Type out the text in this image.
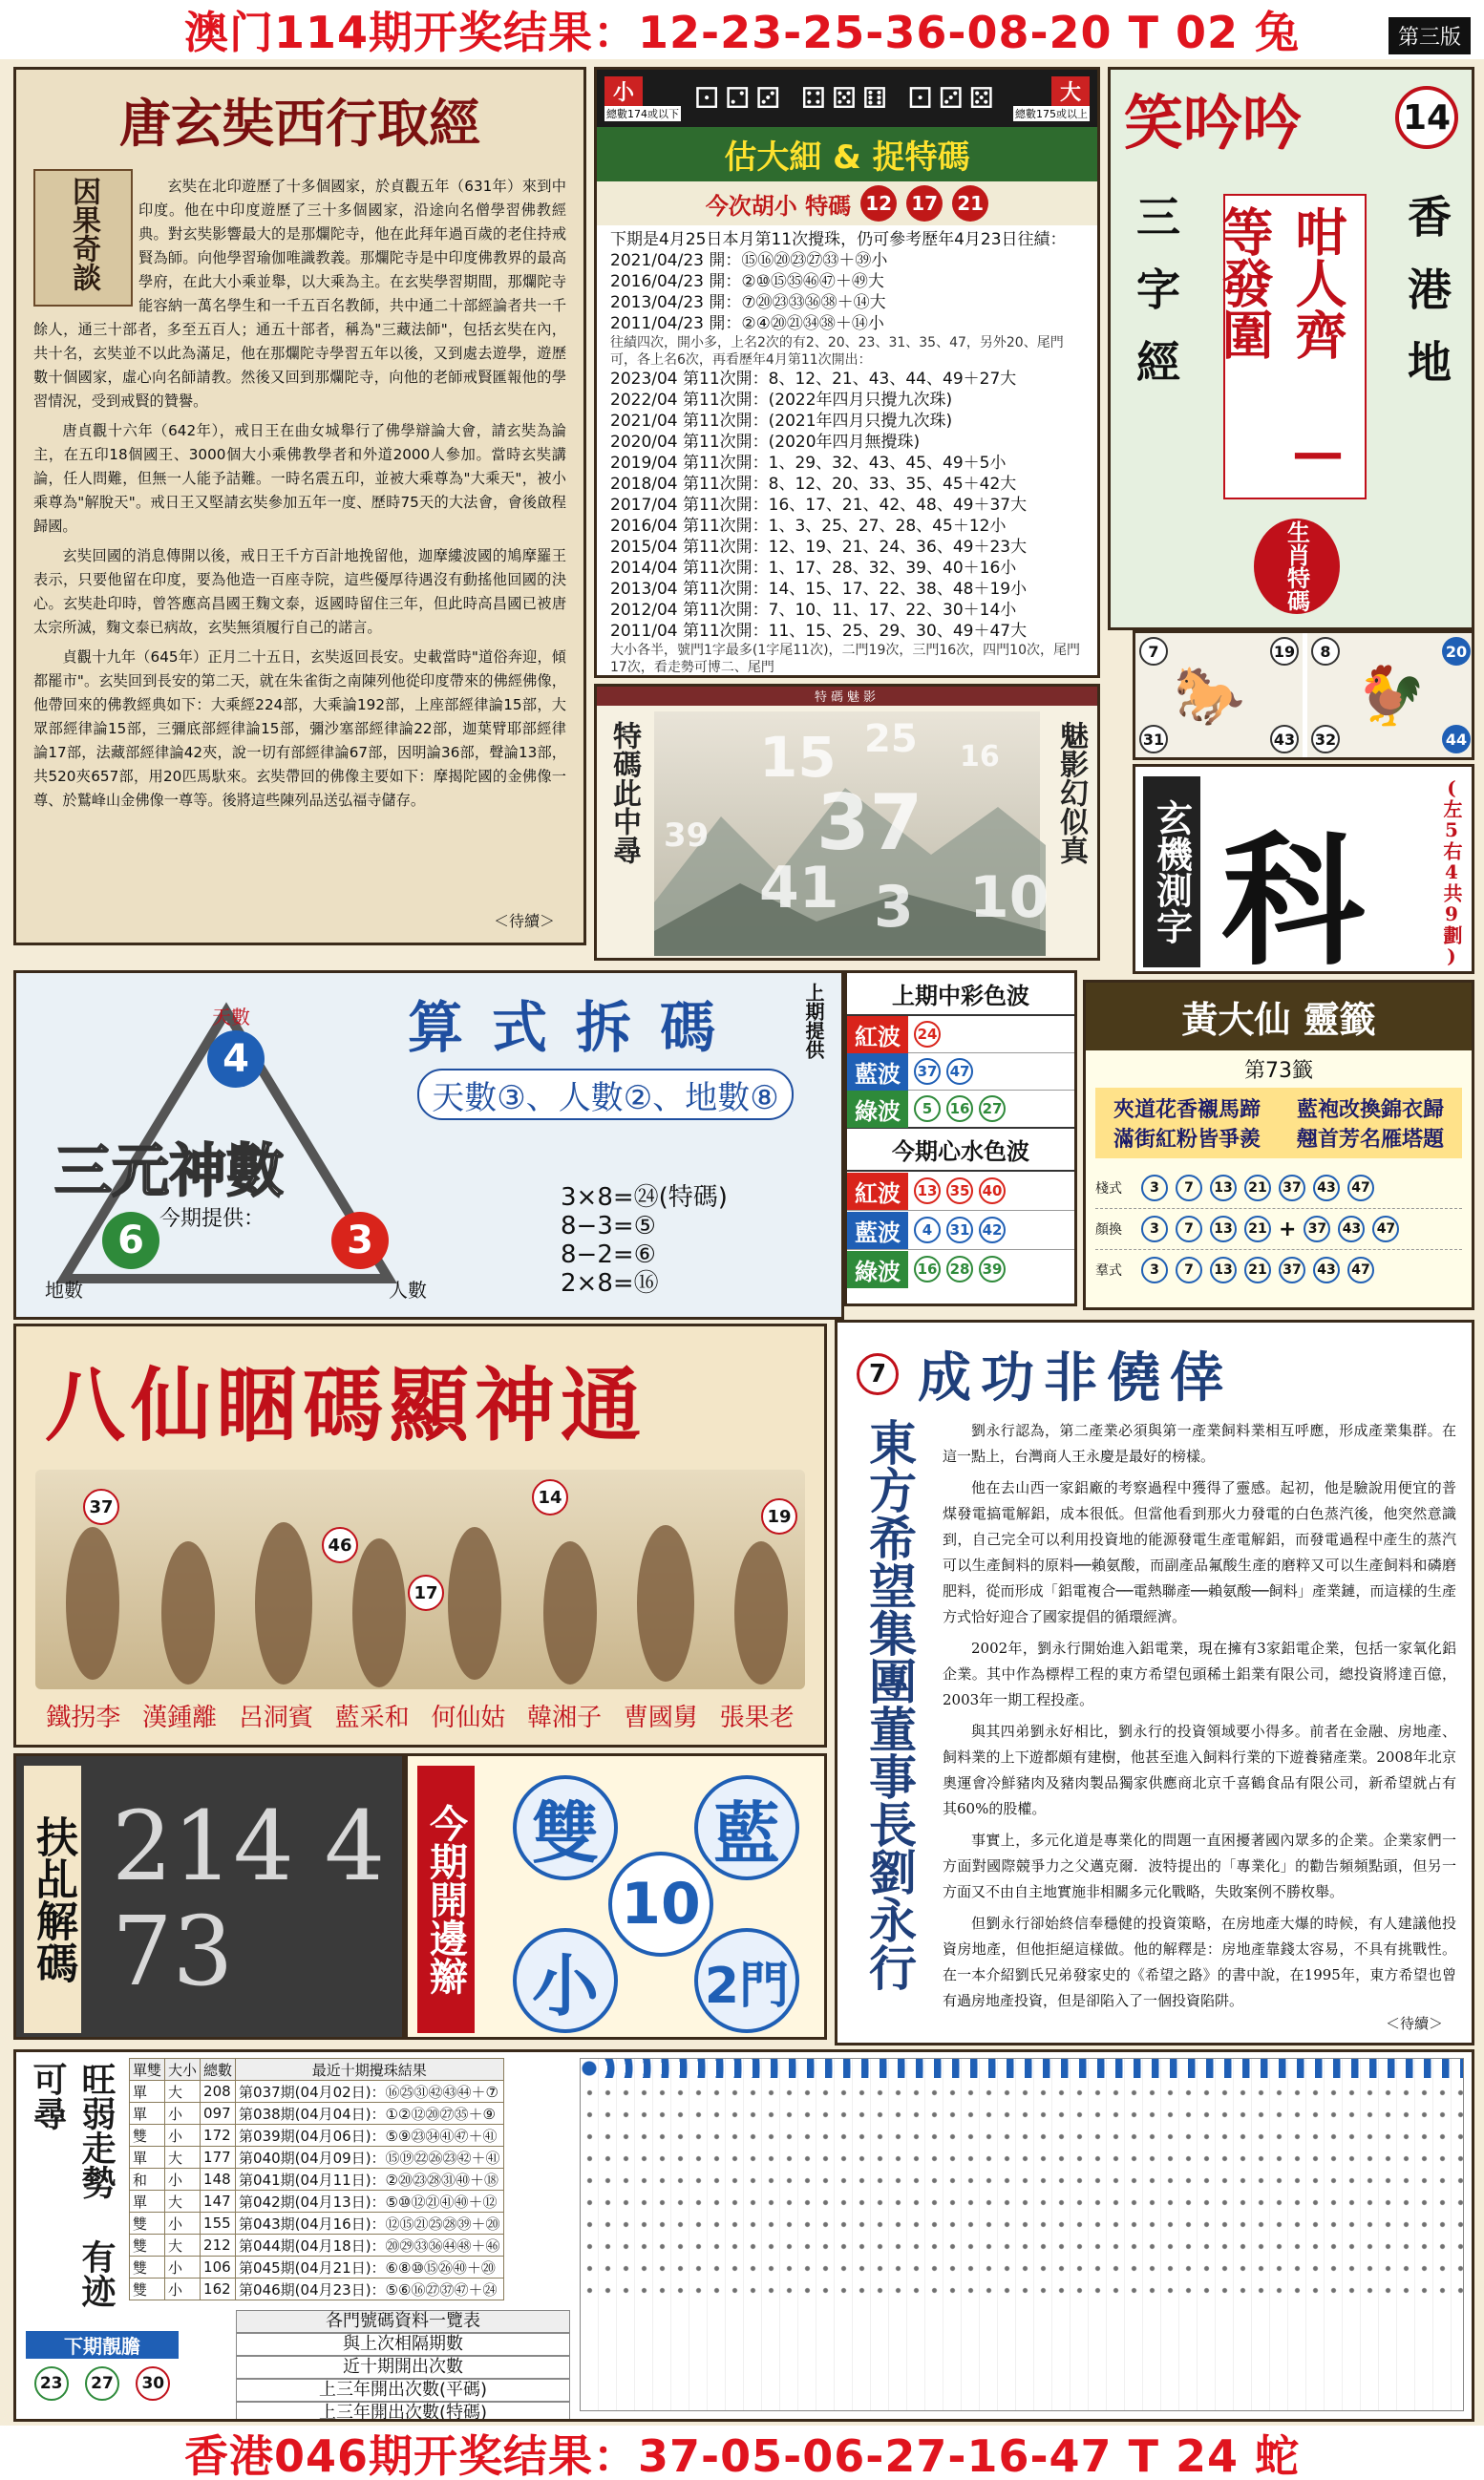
澳门114期开奖结果：12-23-25-36-08-20 T 02 兔	第三版
唐玄奘西行取經
因果奇談	玄奘在北印遊歷了十多個國家，於貞觀五年（631年）來到中印度。他在中印度遊歷了三十多個國家，沿途向名僧學習佛教經典。對玄奘影響最大的是那爛陀寺，他在此拜年過百歲的老住持戒賢為師。向他學習瑜伽唯識教義。那爛陀寺是中印度佛教界的最高學府，在此大小乘並舉，以大乘為主。在玄奘學習期間，那爛陀寺能容納一萬名學生和一千五百名教師，共中通二十部經論者共一千餘人，通三十部者，多至五百人；通五十部者，稱為"三藏法師"，包括玄奘在內，共十名，玄奘並不以此為滿足，他在那爛陀寺學習五年以後，又到處去遊學，遊歷數十個國家，虛心向名師請教。然後又回到那爛陀寺，向他的老師戒賢匯報他的學習情況，受到戒賢的贊譽。

唐貞觀十六年（642年），戒日王在曲女城舉行了佛學辯論大會，請玄奘為論主，在五印18個國王、3000個大小乘佛教學者和外道2000人參加。當時玄奘講論，任人問難，但無一人能予詰難。一時名震五印，並被大乘尊為"大乘天"，被小乘尊為"解脫天"。戒日王又堅請玄奘參加五年一度、歷時75天的大法會，會後啟程歸國。

玄奘回國的消息傳開以後，戒日王千方百計地挽留他，迦摩縷波國的鳩摩羅王表示，只要他留在印度，要為他造一百座寺院，這些優厚待遇沒有動搖他回國的決心。玄奘赴印時，曾答應高昌國王麴文泰，返國時留住三年，但此時高昌國已被唐太宗所滅，麴文泰已病故，玄奘無須履行自己的諾言。

貞觀十九年（645年）正月二十五日，玄奘返回長安。史載當時"道俗奔迎，傾都罷市"。玄奘回到長安的第二天，就在朱雀街之南陳列他從印度帶來的佛經佛像，他帶回來的佛教經典如下：大乘經224部，大乘論192部，上座部經律論15部，大眾部經律論15部，三彌底部經律論15部，彌沙塞部經律論22部，迦葉臂耶部經律論17部，法藏部經律論42夾，說一切有部經律論67部，因明論36部，聲論13部，共520夾657部，用20匹馬馱來。玄奘帶回的佛像主要如下：摩揭陀國的金佛像一尊、於鷲峰山金佛像一尊等。後將這些陳列品送弘福寺儲存。

＜待續＞
小
總數174或以下 ⚀⚁⚂ ⚃⚄⚅ ⚀⚂⚄	大
總數175或以上
估大細 & 捉特碼
今次胡小 特碼 12 17 21
下期是4月25日本月第11次攪珠，仍可參考歷年4月23日往績：
2021/04/23 開：⑮⑯⑳㉓㉗㉝＋㊴小
2016/04/23 開：②⑩⑮㉟㊻㊼＋㊾大
2013/04/23 開：⑦⑳㉓㉝㊱㊳＋⑭大
2011/04/23 開：②④⑳㉑㉞㊳＋⑭小
往績四次，開小多，上名2次的有2、20、23、31、35、47，另外20、尾門可，各上名6次，再看歷年4月第11次開出：
2023/04 第11次開：8、12、21、43、44、49＋27大
2022/04 第11次開：(2022年四月只攪九次珠)
2021/04 第11次開：(2021年四月只攪九次珠)
2020/04 第11次開：(2020年四月無攪珠)
2019/04 第11次開：1、29、32、43、45、49＋5小
2018/04 第11次開：8、12、20、33、35、45＋42大
2017/04 第11次開：16、17、21、42、48、49＋37大
2016/04 第11次開：1、3、25、27、28、45＋12小
2015/04 第11次開：12、19、21、24、36、49＋23大
2014/04 第11次開：1、17、28、32、39、40＋16小
2013/04 第11次開：14、15、17、22、38、48＋19小
2012/04 第11次開：7、10、11、17、22、30＋14小
2011/04 第11次開：11、15、25、29、30、49＋47大
大小各半，號門1字最多(1字尾11次)，二門19次，三門16次，四門10次，尾門17次，看走勢可博二、尾門
特碼魅影
特碼此中尋	魅影幻似真
15 25 16
37
39
41 3 10
笑吟吟	14
三字經	香港地
咁人齊 — 等發圍
生肖特碼
🐎
7	19
31	43
🐓
8	20
32	44
玄機測字 科	(左5右4共9劃)
算式拆碼	上期提供
天數③、人數②、地數⑧
天數
4
三元神數
今期提供：
6
地數
3
人數
3×8=㉔(特碼)
8−3=⑤
8−2=⑥
2×8=⑯
上期中彩色波
紅波	24
藍波	37 47
綠波	5	16 27
今期心水色波
紅波	13 35 40
藍波	4	31 42
綠波	16 28 39
黃大仙 靈籤
第73籤
夾道花香襯馬蹄	藍袍改換錦衣歸
滿街紅粉皆爭羨	翹首芳名雁塔題
棧式	3	7	13	21	37	43	47
顏換	3	7	13	21 + 37	43	47
羣式	3	7	13	21	37	43	47
八仙睏碼顯神通
37
46
17
14
19
鐵拐李 漢鍾離 呂洞賓 藍采和 何仙姑 韓湘子 曹國舅 張果老
7 成功非僥倖
東方希望集團董事長劉永行	劉永行認為，第二產業必須與第一產業飼料業相互呼應，形成產業集群。在這一點上，台灣商人王永慶是最好的榜樣。

他在去山西一家鋁廠的考察過程中獲得了靈感。起初，他是驗說用便宜的普煤發電搞電解鋁，成本很低。但當他看到那火力發電的白色蒸汽後，他突然意識到，自己完全可以利用投資地的能源發電生產電解鋁，而發電過程中產生的蒸汽可以生產飼料的原料──賴氨酸，而副產品氟酸生產的磨粹又可以生產飼料和磷磨肥料，從而形成「鋁電複合──電熱聯產──賴氨酸──飼料」產業鏈，而這樣的生產方式恰好迎合了國家提倡的循環經濟。

2002年，劉永行開始進入鋁電業，現在擁有3家鋁電企業，包括一家氧化鋁企業。其中作為標桿工程的東方希望包頭稀土鋁業有限公司，總投資將達百億，2003年一期工程投產。

與其四弟劉永好相比，劉永行的投資領域要小得多。前者在金融、房地產、飼料業的上下遊都頗有建樹，他甚至進入飼料行業的下遊養豬產業。2008年北京奧運會冷鮮豬肉及豬肉製品獨家供應商北京千喜鶴食品有限公司，新希望就占有其60%的股權。

事實上，多元化道是專業化的問題一直困擾著國內眾多的企業。企業家們一方面對國際競爭力之父邁克爾．波特提出的「專業化」的勸告頻頻點頭，但另一方面又不由自主地實施非相關多元化戰略，失敗案例不勝枚舉。

但劉永行卻始終信奉穩健的投資策略，在房地產大爆的時候，有人建議他投資房地產，但他拒絕這樣做。他的解釋是：房地產靠錢太容易，不具有挑戰性。在一本介紹劉氏兄弟發家史的《希望之路》的書中說，在1995年，東方希望也曾有過房地產投資，但是卻陷入了一個投資陷阱。

＜待續＞
扶乩解碼 214 473	今期開邊辮 雙 藍
10
小	2門
旺弱走勢 有迹可尋
下期靚膽
23	27	30
單雙	大小	總數	最近十期攪珠結果
單	大	208	第037期(04月02日)：⑯㉕㉛㊷㊸㊹＋⑦
單	小	097	第038期(04月04日)：①②⑫⑳㉗㉟＋⑨
雙	小	172	第039期(04月06日)：⑤⑨㉓㉞㊶㊼＋㊶
單	大	177	第040期(04月09日)：⑮⑲㉒㉖㉓㊷＋㊶
和	小	148	第041期(04月11日)：②⑳㉓㉘㉛㊵＋⑱
單	大	147	第042期(04月13日)：⑤⑩⑫㉑㊶㊵＋⑫
雙	小	155	第043期(04月16日)：⑫⑮㉑㉕㉘㊴＋⑳
雙	大	212	第044期(04月18日)：⑳㉙㉝㊱㊹㊽＋㊻
雙	小	106	第045期(04月21日)：⑥⑧⑩⑮㉖㊵＋⑳
雙	小	162	第046期(04月23日)：⑤⑥⑯㉗㊲㊼＋㉔
各門號碼資料一覽表
與上次相隔期數
近十期開出次數
上三年開出次數(平碼)
上三年開出次數(特碼)
香港046期开奖结果：37-05-06-27-16-47 T 24 蛇
